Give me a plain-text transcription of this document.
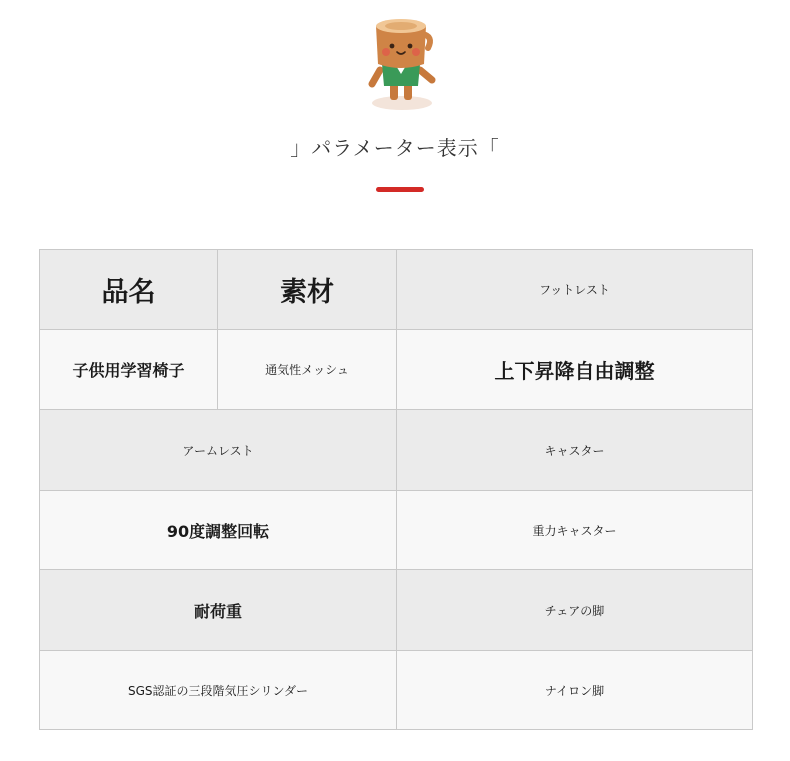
」パラメーター表示「
品名	素材	フットレスト
子供用学習椅子	通気性メッシュ	上下昇降自由調整
アームレスト	キャスター
90度調整回転	重力キャスター
耐荷重	チェアの脚
SGS認証の三段階気圧シリンダー	ナイロン脚
